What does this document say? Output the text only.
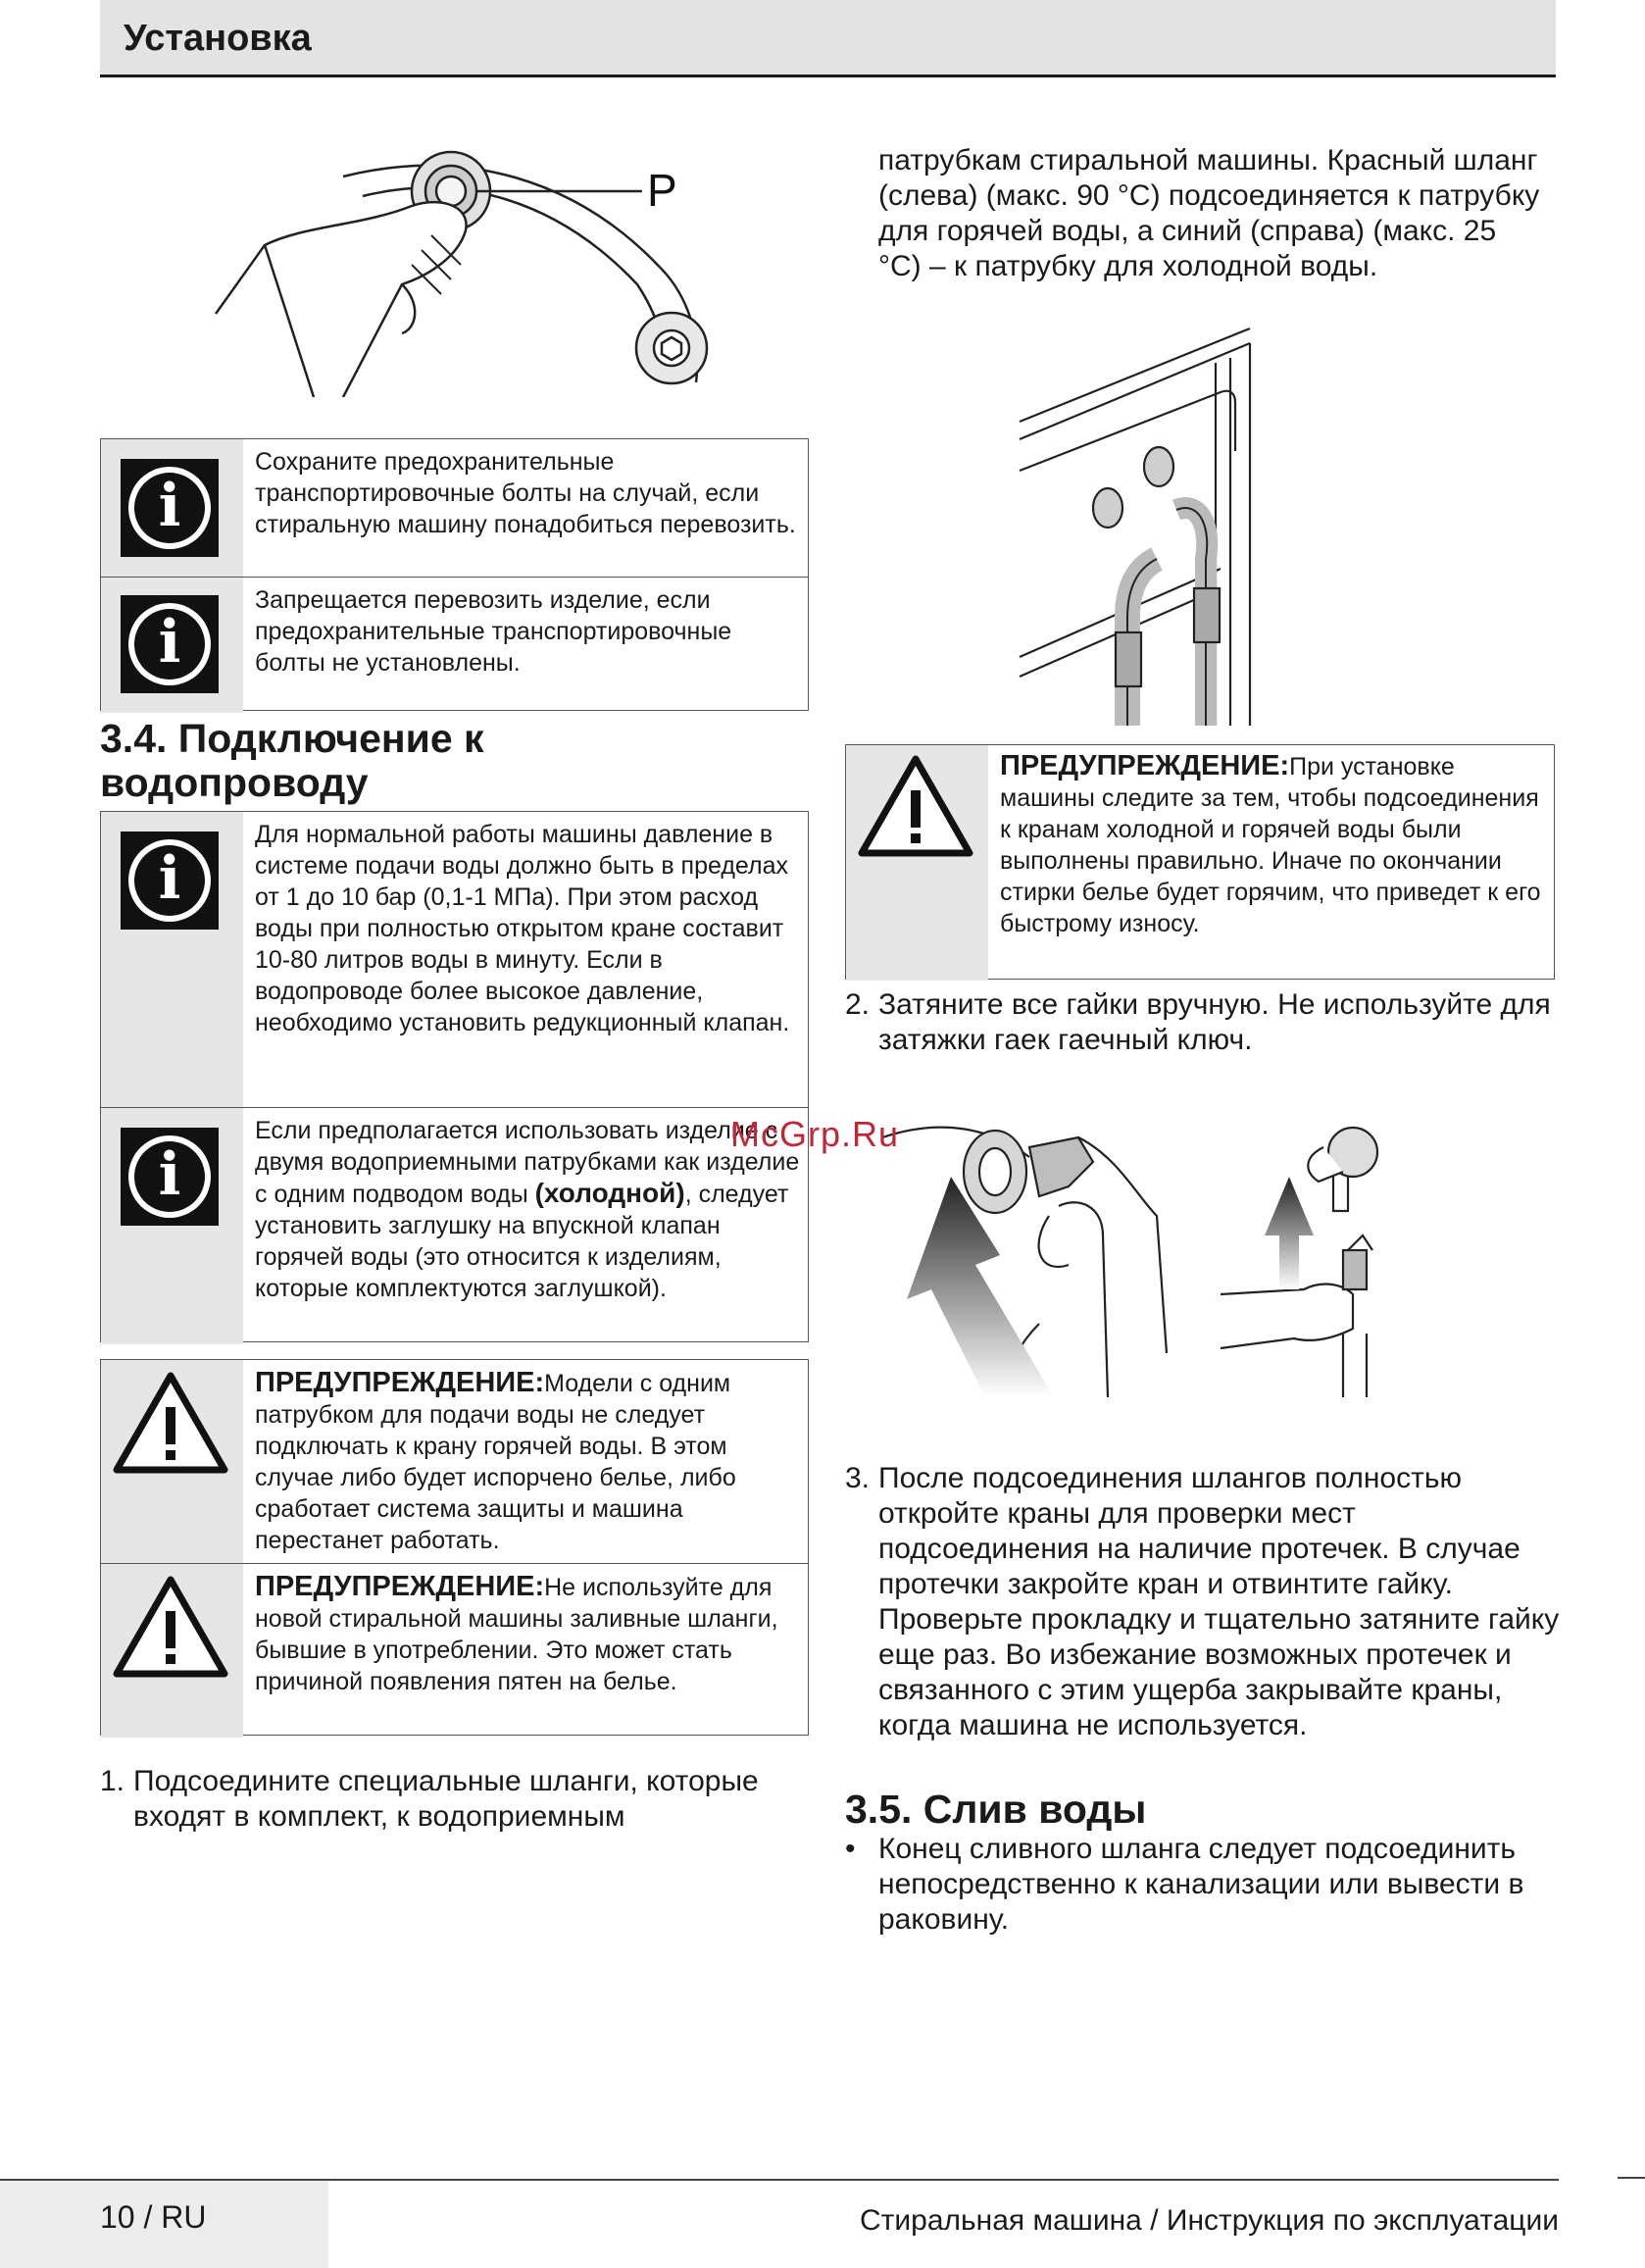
Установка
P
i
Сохраните предохранительные транспортировочные болты на случай, если стиральную машину понадобиться перевозить.
i
Запрещается перевозить изделие, если предохранительные транспортировочные болты не установлены.
3.4. Подключение к
водопроводу
i
Для нормальной работы машины давление в системе подачи воды должно быть в пределах от 1 до 10 бар (0,1-1 МПа). При этом расход воды при полностью открытом кране составит 10-80 литров воды в минуту. Если в водопроводе более высокое давление, необходимо установить редукционный клапан.
i
Если предполагается использовать изделие с двумя водоприемными патрубками как изделие с одним подводом воды (холодной), следует установить заглушку на впускной клапан горячей воды (это относится к изделиям, которые комплектуются заглушкой).
ПРЕДУПРЕЖДЕНИЕ:Модели с одним патрубком для подачи воды не следует подключать к крану горячей воды. В этом случае либо будет испорчено белье, либо сработает система защиты и машина перестанет работать.
ПРЕДУПРЕЖДЕНИЕ:Не используйте для новой стиральной машины заливные шланги, бывшие в употреблении. Это может стать причиной появления пятен на белье.
1. Подсоедините специальные шланги, которые входят в комплект, к водоприемным
патрубкам стиральной машины. Красный шланг (слева) (макс. 90 °C) подсоединяется к патрубку для горячей воды, а синий (справа) (макс. 25 °C) – к патрубку для холодной воды.
ПРЕДУПРЕЖДЕНИЕ:При установке машины следите за тем, чтобы подсоединения к кранам холодной и горячей воды были выполнены правильно. Иначе по окончании стирки белье будет горячим, что приведет к его быстрому износу.
2. Затяните все гайки вручную. Не используйте для затяжки гаек гаечный ключ.
McGrp.Ru
3. После подсоединения шлангов полностью откройте краны для проверки мест подсоединения на наличие протечек. В случае протечки закройте кран и отвинтите гайку. Проверьте прокладку и тщательно затяните гайку еще раз. Во избежание возможных протечек и связанного с этим ущерба закрывайте краны, когда машина не используется.
3.5. Слив воды
• Конец сливного шланга следует подсоединить непосредственно к канализации или вывести в раковину.
10 / RU	Стиральная машина / Инструкция по эксплуатации
